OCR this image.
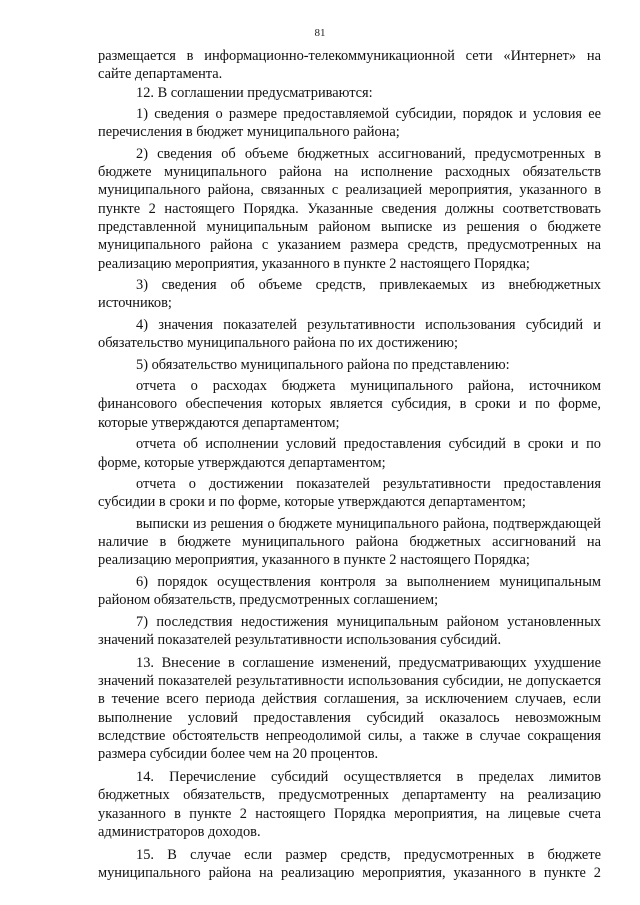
81

размещается в информационно-телекоммуникационной сети «Интернет» на сайте департамента.

12. В соглашении предусматриваются:

1) сведения о размере предоставляемой субсидии, порядок и условия ее перечисления в бюджет муниципального района;

2) сведения об объеме бюджетных ассигнований, предусмотренных в бюджете муниципального района на исполнение расходных обязательств муниципального района, связанных с реализацией мероприятия, указанного в пункте 2 настоящего Порядка. Указанные сведения должны соответствовать представленной муниципальным районом выписке из решения о бюджете муниципального района с указанием размера средств, предусмотренных на реализацию мероприятия, указанного в пункте 2 настоящего Порядка;

3) сведения об объеме средств, привлекаемых из внебюджетных источников;

4) значения показателей результативности использования субсидий и обязательство муниципального района по их достижению;

5) обязательство муниципального района по представлению:

отчета о расходах бюджета муниципального района, источником финансового обеспечения которых является субсидия, в сроки и по форме, которые утверждаются департаментом;

отчета об исполнении условий предоставления субсидий в сроки и по форме, которые утверждаются департаментом;

отчета о достижении показателей результативности предоставления субсидии в сроки и по форме, которые утверждаются департаментом;

выписки из решения о бюджете муниципального района, подтверждающей наличие в бюджете муниципального района бюджетных ассигнований на реализацию мероприятия, указанного в пункте 2 настоящего Порядка;

6) порядок осуществления контроля за выполнением муниципальным районом обязательств, предусмотренных соглашением;

7) последствия недостижения муниципальным районом установленных значений показателей результативности использования субсидий.

13. Внесение в соглашение изменений, предусматривающих ухудшение значений показателей результативности использования субсидии, не допускается в течение всего периода действия соглашения, за исключением случаев, если выполнение условий предоставления субсидий оказалось невозможным вследствие обстоятельств непреодолимой силы, а также в случае сокращения размера субсидии более чем на 20 процентов.

14. Перечисление субсидий осуществляется в пределах лимитов бюджетных обязательств, предусмотренных департаменту на реализацию указанного в пункте 2 настоящего Порядка мероприятия, на лицевые счета администраторов доходов.

15. В случае если размер средств, предусмотренных в бюджете муниципального района на реализацию мероприятия, указанного в пункте 2
